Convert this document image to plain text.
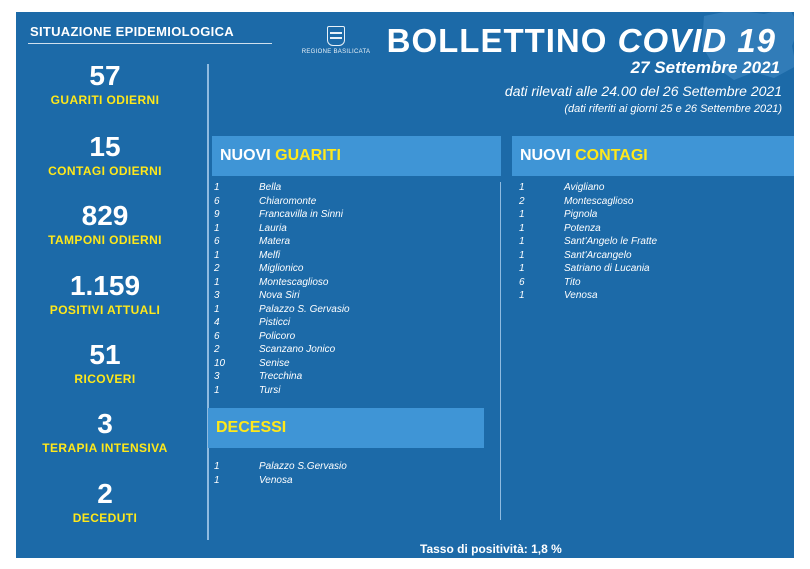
SITUAZIONE EPIDEMIOLOGICA
REGIONE BASILICATA
57
GUARITI ODIERNI
15
CONTAGI ODIERNI
829
TAMPONI ODIERNI
1.159
POSITIVI ATTUALI
51
RICOVERI
3
TERAPIA INTENSIVA
2
DECEDUTI
BOLLETTINO COVID 19
27 Settembre 2021
dati rilevati alle 24.00 del 26 Settembre 2021
(dati riferiti ai giorni 25 e 26 Settembre 2021)
NUOVI GUARITI
1	Bella
6	Chiaromonte
9	Francavilla in Sinni
1	Lauria
6	Matera
1	Melfi
2	Miglionico
1	Montescaglioso
3	Nova Siri
1	Palazzo S. Gervasio
4	Pisticci
6	Policoro
2	Scanzano Jonico
10	Senise
3	Trecchina
1	Tursi
NUOVI CONTAGI
1	Avigliano
2	Montescaglioso
1	Pignola
1	Potenza
1	Sant'Angelo le Fratte
1	Sant'Arcangelo
1	Satriano di Lucania
6	Tito
1	Venosa
DECESSI
1	Palazzo S.Gervasio
1	Venosa
Tasso di positività: 1,8 %
